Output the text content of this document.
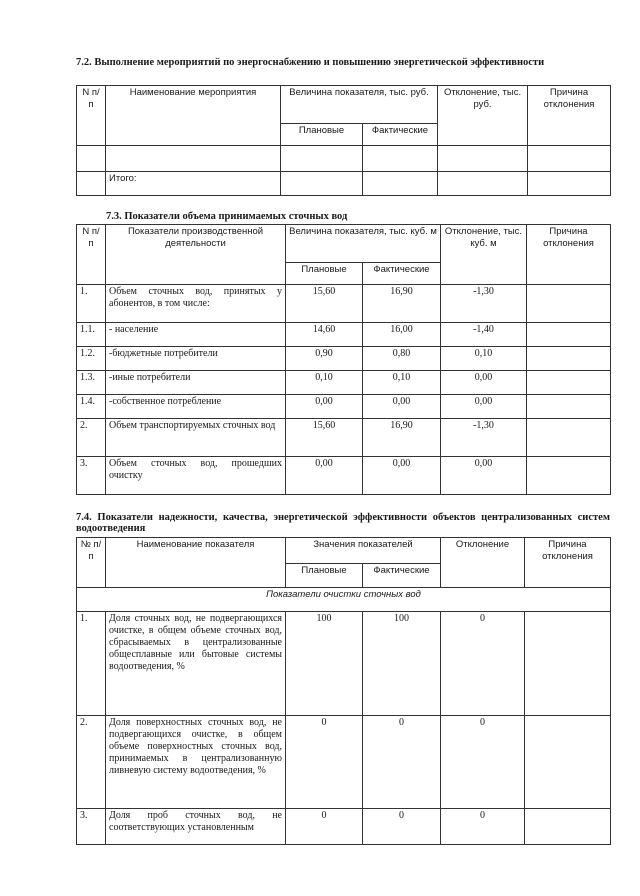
7.2. Выполнение мероприятий по энергоснабжению и повышению энергетической эффективности
N п/п	Наименование мероприятия	Величина показателя, тыс. руб.		Отклонение, тыс. руб.	Причина отклонения
		Плановые	Фактические		

	Итого:				
7.3. Показатели объема принимаемых сточных вод
N п/п	Показатели производственной деятельности	Величина показателя, тыс. куб. м		Отклонение, тыс. куб. м	Причина отклонения
		Плановые	Фактические		
1.	Объем сточных вод, принятых у абонентов, в том числе:	15,60	16,90	-1,30	
1.1.	- население	14,60	16,00	-1,40	
1.2.	-бюджетные потребители	0,90	0,80	0,10	
1.3.	-иные потребители	0,10	0,10	0,00	
1.4.	-собственное потребление	0,00	0,00	0,00	
2.	Объем транспортируемых сточных вод	15,60	16,90	-1,30	
3.	Объем сточных вод, прошедших очистку	0,00	0,00	0,00	
7.4. Показатели надежности, качества, энергетической эффективности объектов централизованных систем водоотведения
№ п/п	Наименование показателя	Значения показателей		Отклонение	Причина отклонения
		Плановые	Фактические		
Показатели очистки сточных вод					
1.	Доля сточных вод, не подвергающихся очистке, в общем объеме сточных вод, сбрасываемых в централизованные общесплавные или бытовые системы водоотведения, %	100	100	0	
2.	Доля поверхностных сточных вод, не подвергающихся очистке, в общем объеме поверхностных сточных вод, принимаемых в централизованную ливневую систему водоотведения, %	0	0	0	
3.	Доля проб сточных вод, не соответствующих установленным	0	0	0	
